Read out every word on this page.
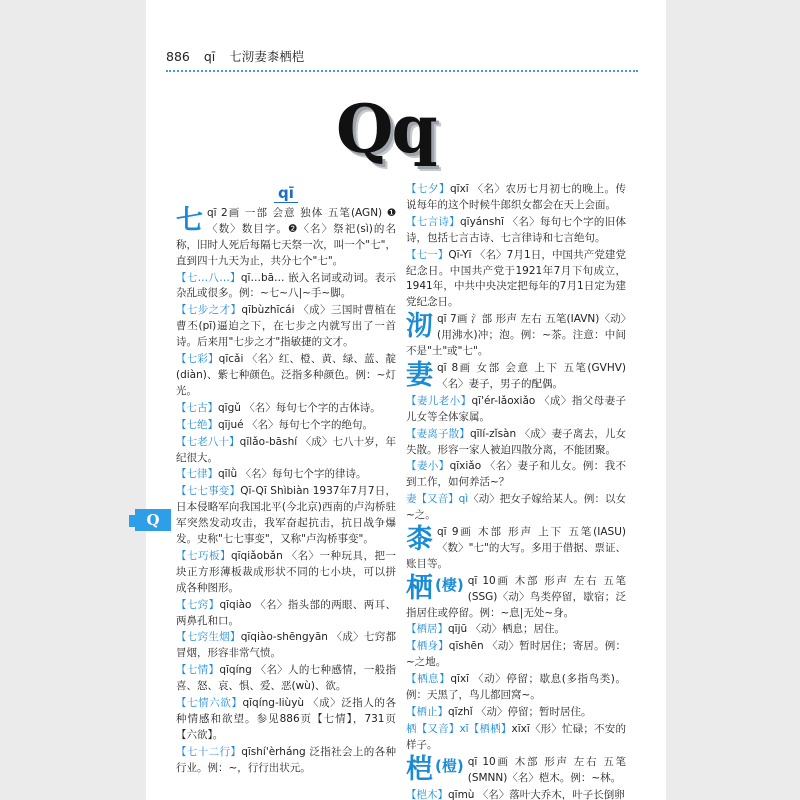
886 qī 七沏妻桼栖桤
Qq
qī
七qī 2画 一部 会意 独体 五笔(AGN) ❶〈数〉数目字。❷〈名〉祭祀(sì)的名称，旧时人死后每隔七天祭一次，叫一个"七"，直到四十九天为止，共分七个"七"。
【七…八…】qī…bā… 嵌入名词或动词。表示杂乱或很多。例：~七~八|~手~脚。
【七步之才】qībùzhīcái 〈成〉三国时曹植在曹丕(pī)逼迫之下，在七步之内就写出了一首诗。后来用"七步之才"指敏捷的文才。
【七彩】qīcǎi 〈名〉红、橙、黄、绿、蓝、靛(diàn)、紫七种颜色。泛指多种颜色。例：~灯光。
【七古】qīgǔ 〈名〉每句七个字的古体诗。
【七绝】qījué 〈名〉每句七个字的绝句。
【七老八十】qīlǎo-bāshí 〈成〉七八十岁，年纪很大。
【七律】qīlǜ 〈名〉每句七个字的律诗。
【七七事变】Qī-Qī Shìbiàn 1937年7月7日，日本侵略军向我国北平(今北京)西南的卢沟桥驻军突然发动攻击，我军奋起抗击，抗日战争爆发。史称"七七事变"，又称"卢沟桥事变"。
【七巧板】qīqiǎobǎn 〈名〉一种玩具，把一块正方形薄板裁成形状不同的七小块，可以拼成各种图形。
【七窍】qīqiào 〈名〉指头部的两眼、两耳、两鼻孔和口。
【七窍生烟】qīqiào-shēngyān 〈成〉七窍都冒烟，形容非常气愤。
【七情】qīqíng 〈名〉人的七种感情，一般指喜、怒、哀、惧、爱、恶(wù)、欲。
【七情六欲】qīqíng-liùyù 〈成〉泛指人的各种情感和欲望。参见886页【七情】，731页【六欲】。
【七十二行】qīshí'èrháng 泛指社会上的各种行业。例：~，行行出状元。
【七夕】qīxī 〈名〉农历七月初七的晚上。传说每年的这个时候牛郎织女都会在天上会面。
【七言诗】qīyánshī 〈名〉每句七个字的旧体诗，包括七言古诗、七言律诗和七言绝句。
【七一】Qī-Yī 〈名〉7月1日，中国共产党建党纪念日。中国共产党于1921年7月下旬成立，1941年，中共中央决定把每年的7月1日定为建党纪念日。
沏qī 7画 氵部 形声 左右 五笔(IAVN)〈动〉(用沸水)冲；泡。例：~茶。注意：中间不是"土"或"七"。
妻qī 8画 女部 会意 上下 五笔(GVHV)〈名〉妻子，男子的配偶。
【妻儿老小】qī'ér-lǎoxiǎo 〈成〉指父母妻子儿女等全体家属。
【妻离子散】qīlí-zǐsàn 〈成〉妻子离去，儿女失散。形容一家人被迫四散分离，不能团聚。
【妻小】qīxiǎo 〈名〉妻子和儿女。例：我不到工作，如何养活~？
妻【又音】qì〈动〉把女子嫁给某人。例：以女~之。
桼qī 9画 木部 形声 上下 五笔(IASU)〈数〉"七"的大写。多用于借据、票证、账目等。
栖 (棲) qī 10画 木部 形声 左右 五笔(SSG)〈动〉鸟类停留，歇宿；泛指居住或停留。例：~息|无处~身。
【栖居】qījū 〈动〉栖息；居住。
【栖身】qīshēn 〈动〉暂时居住；寄居。例：~之地。
【栖息】qīxī 〈动〉停留；歇息(多指鸟类)。例：天黑了，鸟儿都回窝~。
【栖止】qīzhǐ 〈动〉停留；暂时居住。
栖【又音】xī【栖栖】xīxī〈形〉忙碌；不安的样子。
桤 (榿) qī 10画 木部 形声 左右 五笔(SMNN)〈名〉桤木。例：~林。
【桤木】qīmù 〈名〉落叶大乔木，叶子长倒卵
Q
